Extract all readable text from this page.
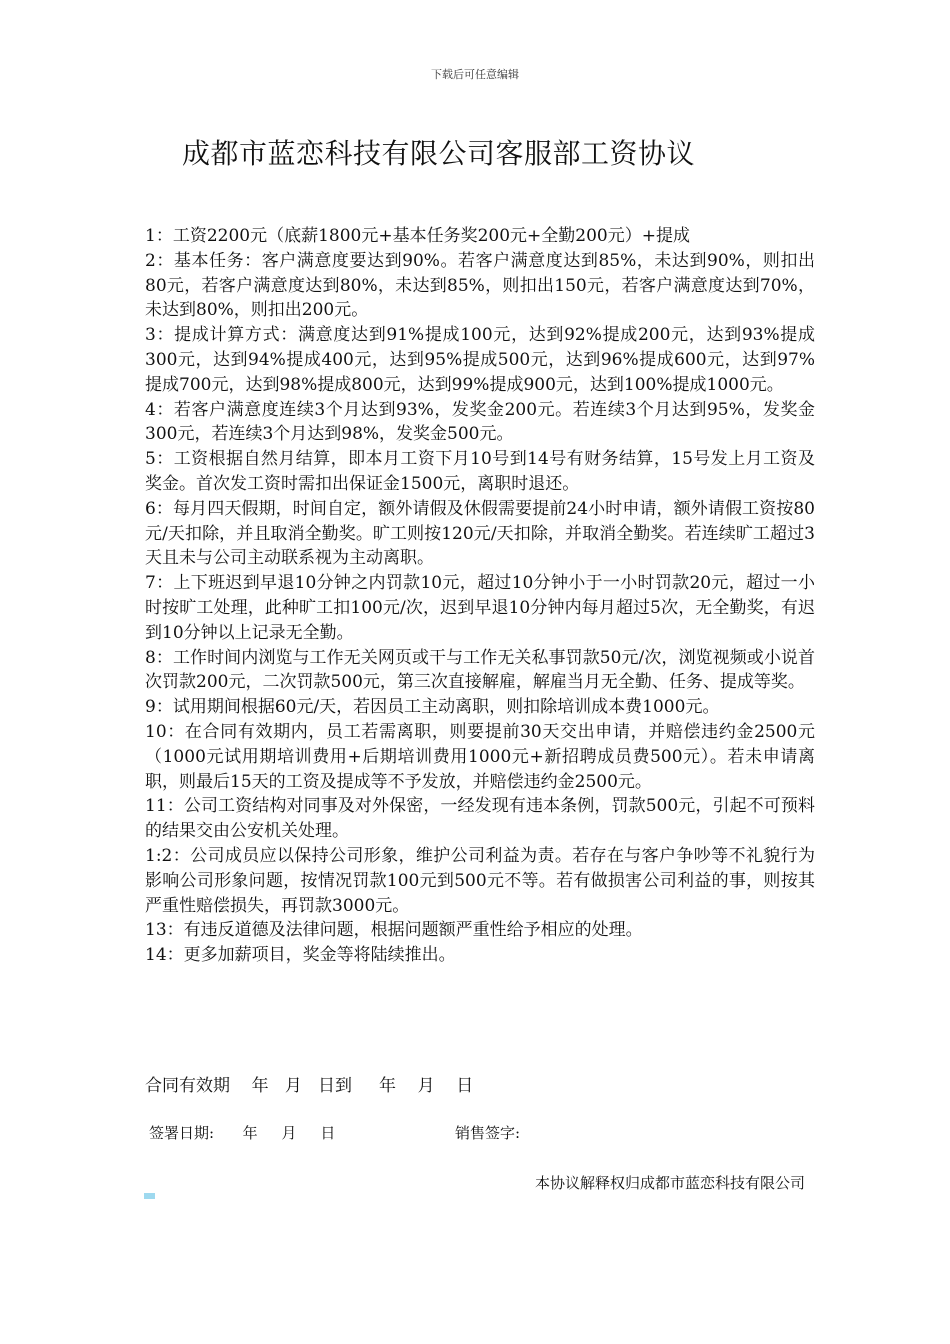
下载后可任意编辑
成都市蓝恋科技有限公司客服部工资协议

1：工资2200元（底薪1800元+基本任务奖200元+全勤200元）+提成

2：基本任务：客户满意度要达到90%。若客户满意度达到85%，未达到90%，则扣出80元，若客户满意度达到80%，未达到85%，则扣出150元，若客户满意度达到70%，未达到80%，则扣出200元。

3：提成计算方式：满意度达到91%提成100元，达到92%提成200元，达到93%提成300元，达到94%提成400元，达到95%提成500元，达到96%提成600元，达到97%提成700元，达到98%提成800元，达到99%提成900元，达到100%提成1000元。

4：若客户满意度连续3个月达到93%，发奖金200元。若连续3个月达到95%，发奖金300元，若连续3个月达到98%，发奖金500元。

5：工资根据自然月结算，即本月工资下月10号到14号有财务结算，15号发上月工资及奖金。首次发工资时需扣出保证金1500元，离职时退还。

6：每月四天假期，时间自定，额外请假及休假需要提前24小时申请，额外请假工资按80元/天扣除，并且取消全勤奖。旷工则按120元/天扣除，并取消全勤奖。若连续旷工超过3天且未与公司主动联系视为主动离职。

7：上下班迟到早退10分钟之内罚款10元，超过10分钟小于一小时罚款20元，超过一小时按旷工处理，此种旷工扣100元/次，迟到早退10分钟内每月超过5次，无全勤奖，有迟到10分钟以上记录无全勤。

8：工作时间内浏览与工作无关网页或干与工作无关私事罚款50元/次，浏览视频或小说首次罚款200元，二次罚款500元，第三次直接解雇，解雇当月无全勤、任务、提成等奖。

9：试用期间根据60元/天，若因员工主动离职，则扣除培训成本费1000元。

10：在合同有效期内，员工若需离职，则要提前30天交出申请，并赔偿违约金2500元（1000元试用期培训费用+后期培训费用1000元+新招聘成员费500元）。若未申请离职，则最后15天的工资及提成等不予发放，并赔偿违约金2500元。

11：公司工资结构对同事及对外保密，一经发现有违本条例，罚款500元，引起不可预料的结果交由公安机关处理。

1:2：公司成员应以保持公司形象，维护公司利益为责。若存在与客户争吵等不礼貌行为影响公司形象问题，按情况罚款100元到500元不等。若有做损害公司利益的事，则按其严重性赔偿损失，再罚款3000元。

13：有违反道德及法律问题，根据问题额严重性给予相应的处理。

14：更多加薪项目，奖金等将陆续推出。

合同有效期    年   月   日到     年    月    日
签署日期:      年     月     日	销售签字:
本协议解释权归成都市蓝恋科技有限公司
